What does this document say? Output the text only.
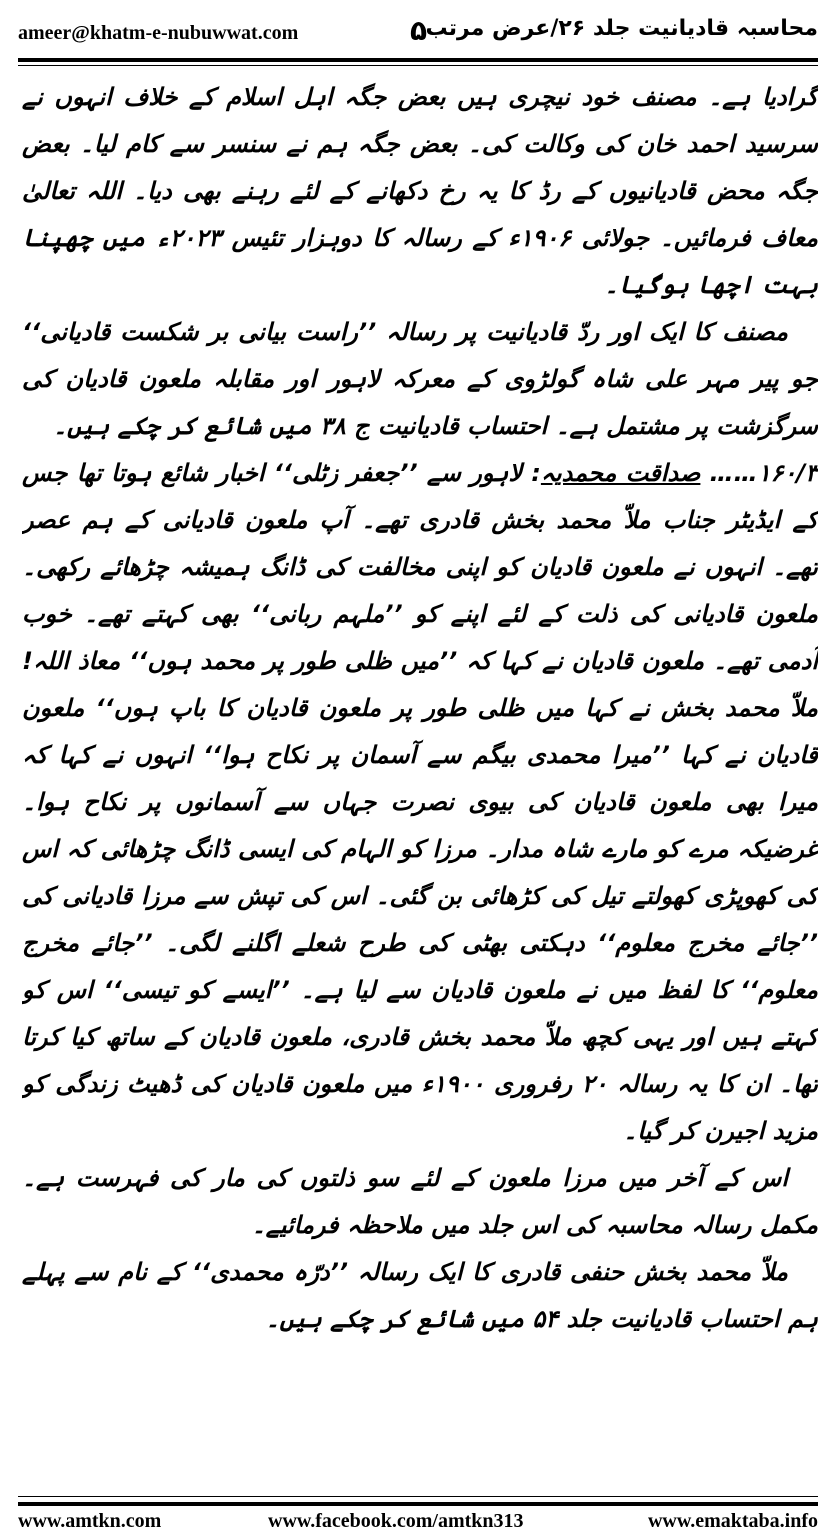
ameer@khatm-e-nubuwwat.com	۵
محاسبہ قادیانیت جلد ۲۶/عرض مرتب

گرادیا ہے۔ مصنف خود نیچری ہیں بعض جگہ اہل اسلام کے خلاف انہوں نے سرسید احمد خان کی وکالت کی۔ بعض جگہ ہم نے سنسر سے کام لیا۔ بعض جگہ محض قادیانیوں کے رڈ کا یہ رخ دکھانے کے لئے رہنے بھی دیا۔ اللہ تعالیٰ معاف فرمائیں۔ جولائی ۱۹۰۶ء کے رسالہ کا دوہزار تئیس ۲۰۲۳ء میں چھپنا بہت اچھا ہوگیا۔

مصنف کا ایک اور ردّ قادیانیت پر رسالہ ’’راست بیانی بر شکست قادیانی‘‘ جو پیر مہر علی شاہ گولڑوی کے معرکہ لاہور اور مقابلہ ملعون قادیان کی سرگزشت پر مشتمل ہے۔ احتساب قادیانیت ج ۳۸ میں شائع کر چکے ہیں۔

۱۶۰/۳…… صداقت محمدیہ: لاہور سے ’’جعفر زٹلی‘‘ اخبار شائع ہوتا تھا جس کے ایڈیٹر جناب ملاّ محمد بخش قادری تھے۔ آپ ملعون قادیانی کے ہم عصر تھے۔ انہوں نے ملعون قادیان کو اپنی مخالفت کی ڈانگ ہمیشہ چڑھائے رکھی۔ ملعون قادیانی کی ذلت کے لئے اپنے کو ’’ملہم ربانی‘‘ بھی کہتے تھے۔ خوب آدمی تھے۔ ملعون قادیان نے کہا کہ ’’میں ظلی طور پر محمد ہوں‘‘ معاذ اللہ! ملاّ محمد بخش نے کہا میں ظلی طور پر ملعون قادیان کا باپ ہوں‘‘ ملعون قادیان نے کہا ’’میرا محمدی بیگم سے آسمان پر نکاح ہوا‘‘ انہوں نے کہا کہ میرا بھی ملعون قادیان کی بیوی نصرت جہاں سے آسمانوں پر نکاح ہوا۔ غرضیکہ مرے کو مارے شاہ مدار۔ مرزا کو الہام کی ایسی ڈانگ چڑھائی کہ اس کی کھوپڑی کھولتے تیل کی کڑھائی بن گئی۔ اس کی تپش سے مرزا قادیانی کی ’’جائے مخرج معلوم‘‘ دہکتی بھٹی کی طرح شعلے اگلنے لگی۔ ’’جائے مخرج معلوم‘‘ کا لفظ میں نے ملعون قادیان سے لیا ہے۔ ’’ایسے کو تیسی‘‘ اس کو کہتے ہیں اور یہی کچھ ملاّ محمد بخش قادری، ملعون قادیان کے ساتھ کیا کرتا تھا۔ ان کا یہ رسالہ ۲۰ رفروری ۱۹۰۰ء میں ملعون قادیان کی ڈھیٹ زندگی کو مزید اجیرن کر گیا۔

اس کے آخر میں مرزا ملعون کے لئے سو ذلتوں کی مار کی فہرست ہے۔ مکمل رسالہ محاسبہ کی اس جلد میں ملاحظہ فرمائیے۔

ملاّ محمد بخش حنفی قادری کا ایک رسالہ ’’درّہ محمدی‘‘ کے نام سے پہلے ہم احتساب قادیانیت جلد ۵۴ میں شائع کر چکے ہیں۔

www.amtkn.com	www.facebook.com/amtkn313	www.emaktaba.info
